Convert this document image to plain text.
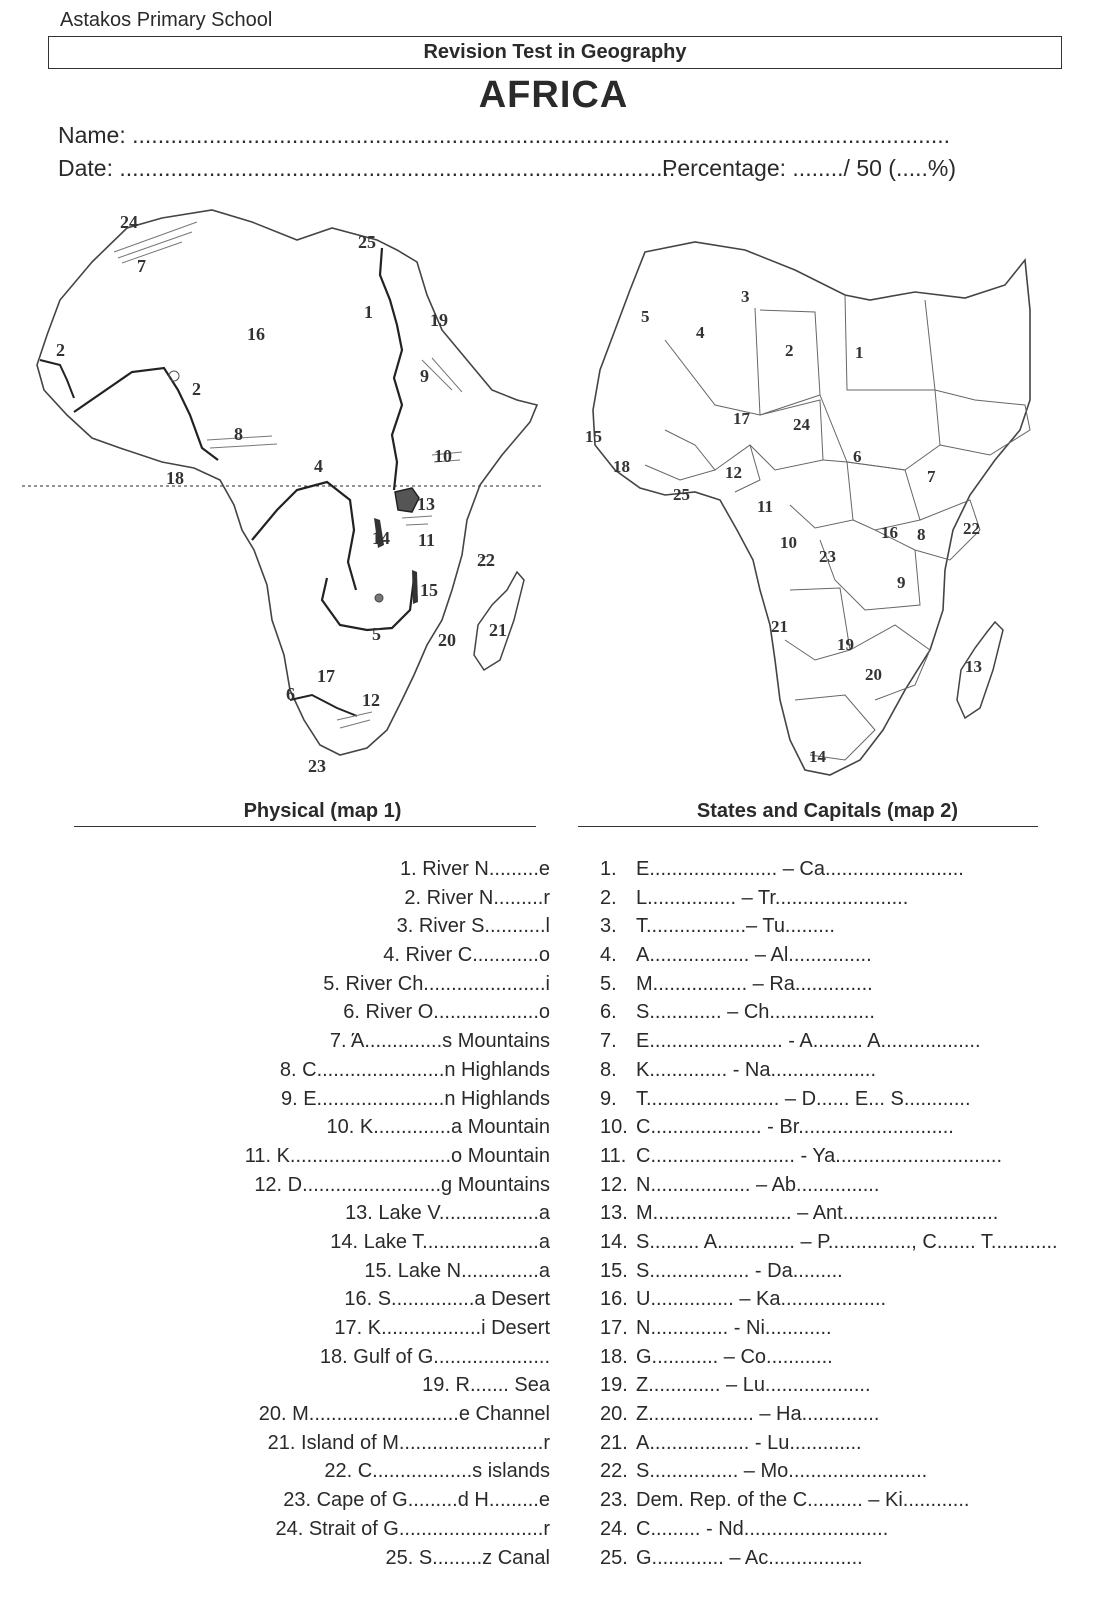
Astakos Primary School
Revision Test in Geography
AFRICA
Name: ................................................................................................................................
Date: .......................................................................................
Percentage: ......../ 50 (.....%)
24
7
25
1	19
16
2
2
9
8
10
18
4
13
14 11
22
15
5	20 21
17
6	12
23
3
5
4
2	1
17	24
15
6
7
18	12
25
11
10
23
16 8 22
9
21
19
20	13
14
Physical (map 1)	States and Capitals (map 2)
1. River N.........e
2. River N.........r
3. River S...........l
4. River C............o
5. River Ch......................i
6. River O...................o
7. Ά..............s Mountains
8. C.......................n Highlands
9. E.......................n Highlands
10. K..............a Mountain
11. K.............................o Mountain
12. D.........................g Mountains
13. Lake V..................a
14. Lake T.....................a
15. Lake N..............a
16. S...............a Desert
17. K..................i Desert
18. Gulf of G.....................
19. R....... Sea
20. M...........................e Channel
21. Island of M..........................r
22. C..................s islands
23. Cape of G.........d H.........e
24. Strait of G..........................r
25. S.........z Canal
1. E....................... – Ca.........................
2. L................ – Tr........................
3. T..................– Tu.........
4. A.................. – Al...............
5. M................. – Ra..............
6. S............. – Ch...................
7. E........................ - A......... A..................
8. K.............. - Na...................
9. T........................ – D...... E... S............
10. C.................... - Br............................
11. C.......................... - Ya..............................
12. N.................. – Ab...............
13. M......................... – Ant............................
14. S......... A.............. – P..............., C....... T............
15. S.................. - Da.........
16. U............... – Ka...................
17. N.............. - Ni............
18. G............ – Co............
19. Z............. – Lu...................
20. Z................... – Ha..............
21. A.................. - Lu.............
22. S................ – Mo.........................
23. Dem. Rep. of the C.......... – Ki............
24. C......... - Nd..........................
25. G............. – Ac.................
